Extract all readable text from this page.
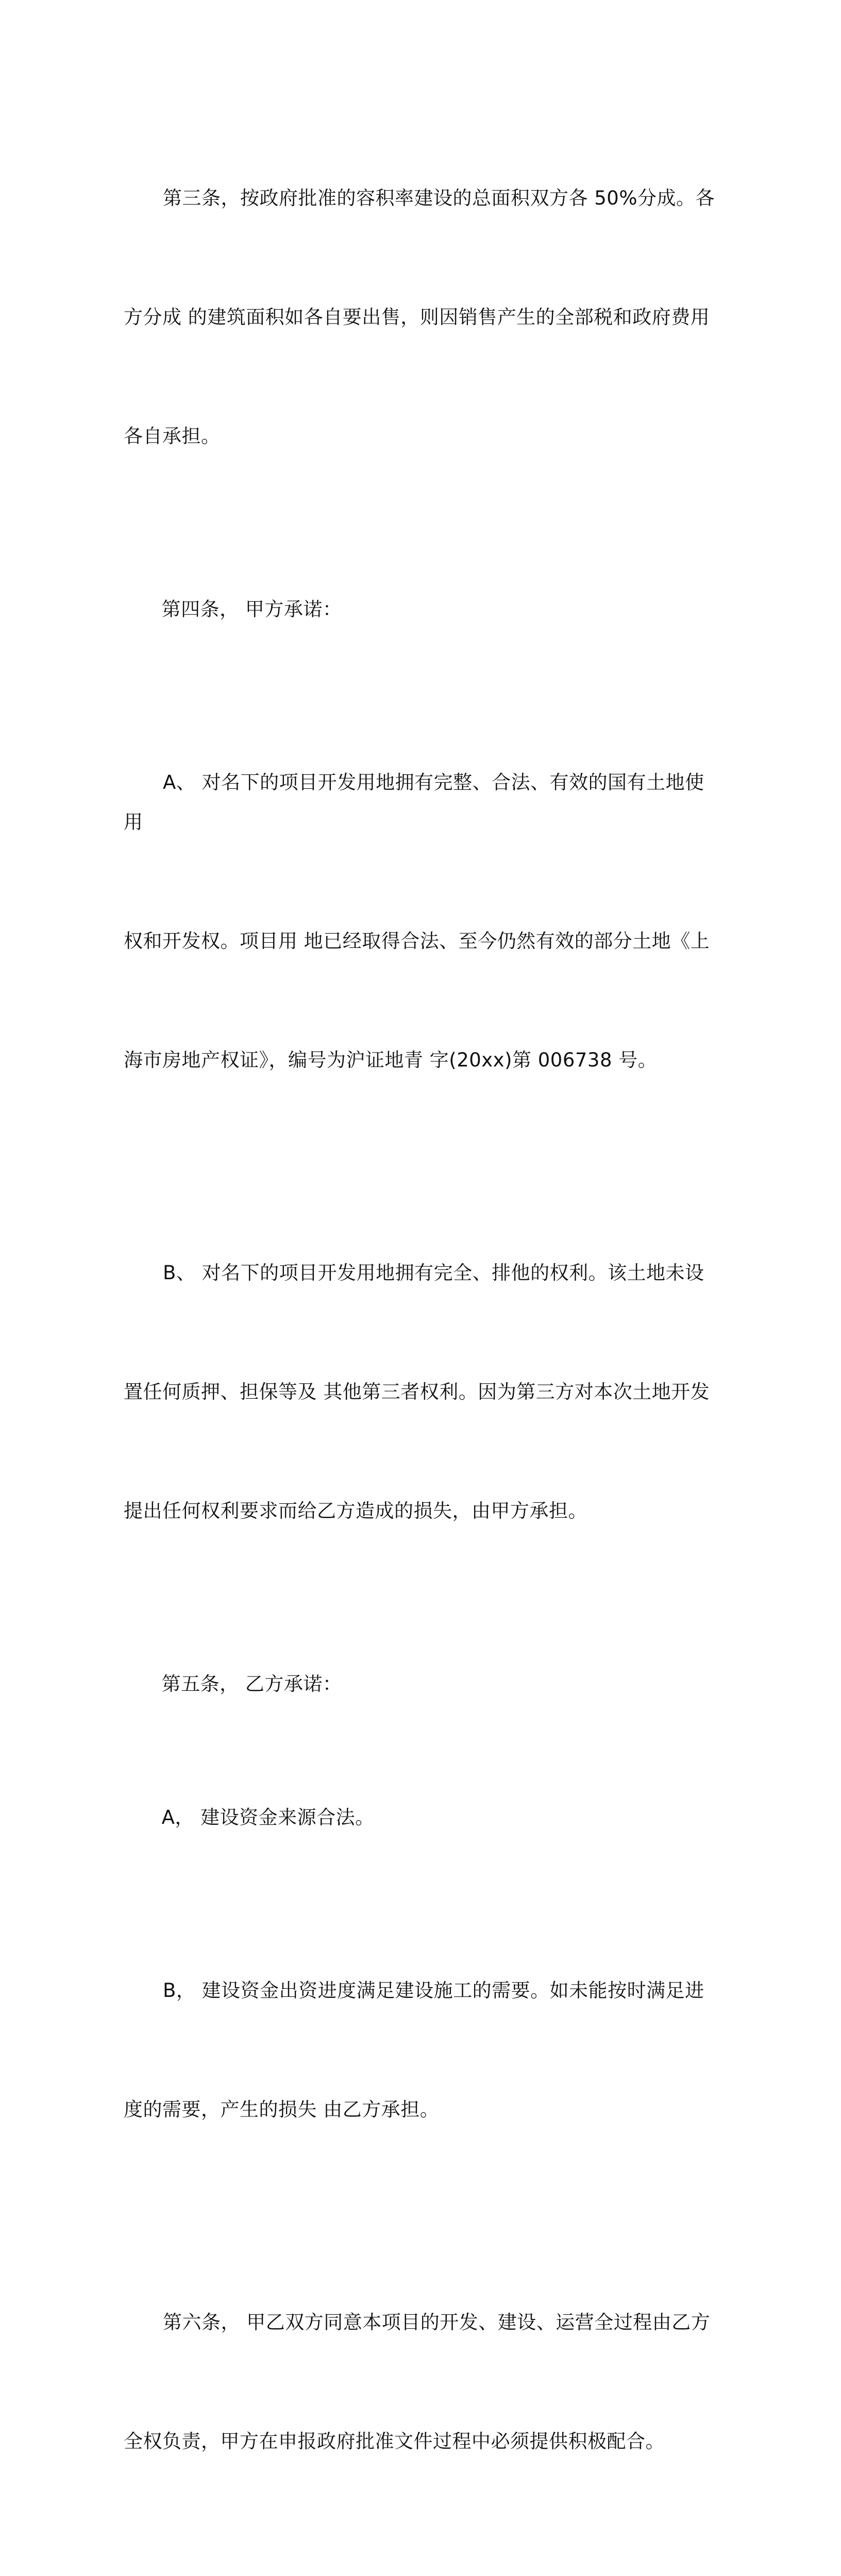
第三条，按政府批准的容积率建设的总面积双方各 50%分成。各

方分成 的建筑面积如各自要出售，则因销售产生的全部税和政府费用

各自承担。

第四条， 甲方承诺：

A、 对名下的项目开发用地拥有完整、合法、有效的国有土地使用

权和开发权。项目用 地已经取得合法、至今仍然有效的部分土地《上

海市房地产权证》，编号为沪证地青 字(20xx)第 006738 号。

B、 对名下的项目开发用地拥有完全、排他的权利。该土地未设

置任何质押、担保等及 其他第三者权利。因为第三方对本次土地开发

提出任何权利要求而给乙方造成的损失，由甲方承担。

第五条， 乙方承诺：

A， 建设资金来源合法。

B， 建设资金出资进度满足建设施工的需要。如未能按时满足进

度的需要，产生的损失 由乙方承担。

第六条， 甲乙双方同意本项目的开发、建设、运营全过程由乙方

全权负责，甲方在申报政府批准文件过程中必须提供积极配合。
